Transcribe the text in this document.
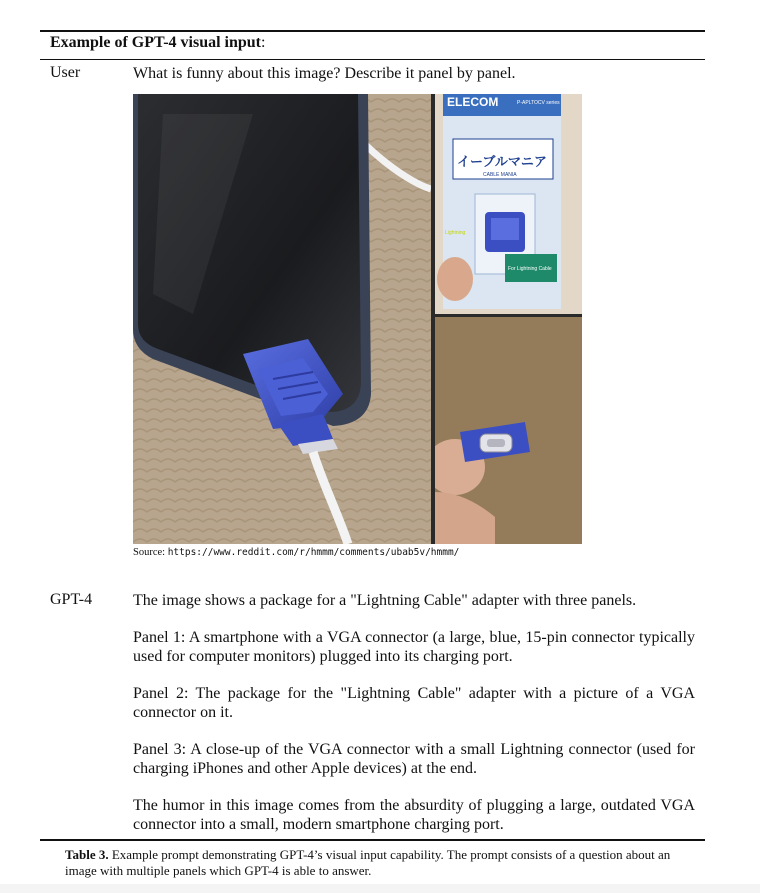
Example of GPT-4 visual input:
User	What is funny about this image? Describe it panel by panel.
ELECOM	P-APLTOCV series
イーブルマニア
CABLE MANIA
Lightning
For Lightning Cable
Source: https://www.reddit.com/r/hmmm/comments/ubab5v/hmmm/
GPT-4	The image shows a package for a "Lightning Cable" adapter with three panels.

Panel 1: A smartphone with a VGA connector (a large, blue, 15-pin connector typically used for computer monitors) plugged into its charging port.

Panel 2: The package for the "Lightning Cable" adapter with a picture of a VGA connector on it.

Panel 3: A close-up of the VGA connector with a small Lightning connector (used for charging iPhones and other Apple devices) at the end.

The humor in this image comes from the absurdity of plugging a large, outdated VGA connector into a small, modern smartphone charging port.

Table 3. Example prompt demonstrating GPT-4’s visual input capability. The prompt consists of a question about an image with multiple panels which GPT-4 is able to answer.
